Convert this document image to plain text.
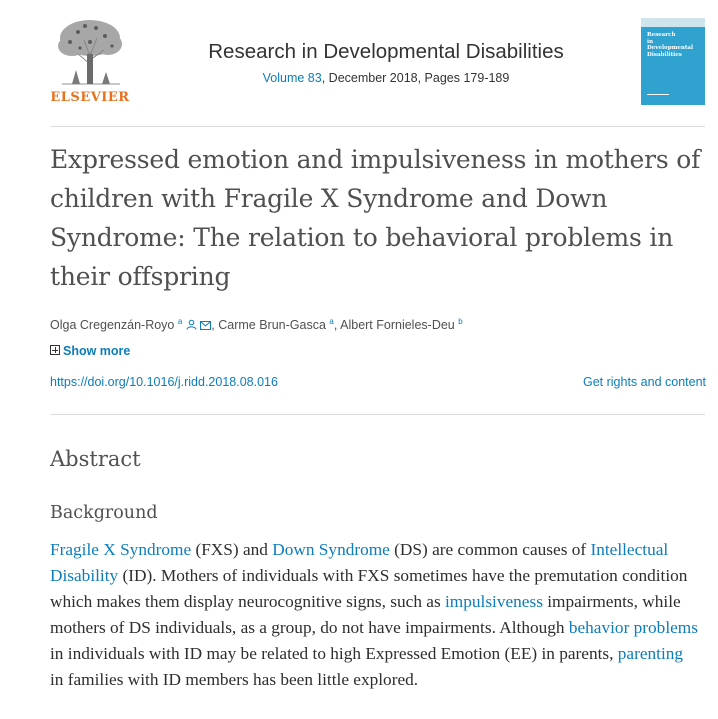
ELSEVIER
Research in Developmental Disabilities
Volume 83, December 2018, Pages 179-189
Research
in
Developmental
Disabilities
Expressed emotion and impulsiveness in mothers of children with Fragile X Syndrome and Down Syndrome: The relation to behavioral problems in their offspring
Olga Cregenzán-Royo $^a$ , Carme Brun-Gasca $^a$, Albert Fornieles-Deu $^b$
Show more
https://doi.org/10.1016/j.ridd.2018.08.016	Get rights and content
Abstract
Background

Fragile X Syndrome (FXS) and Down Syndrome (DS) are common causes of Intellectual Disability (ID). Mothers of individuals with FXS sometimes have the premutation condition which makes them display neurocognitive signs, such as impulsiveness impairments, while mothers of DS individuals, as a group, do not have impairments. Although behavior problems in individuals with ID may be related to high Expressed Emotion (EE) in parents, parenting in families with ID members has been little explored.
